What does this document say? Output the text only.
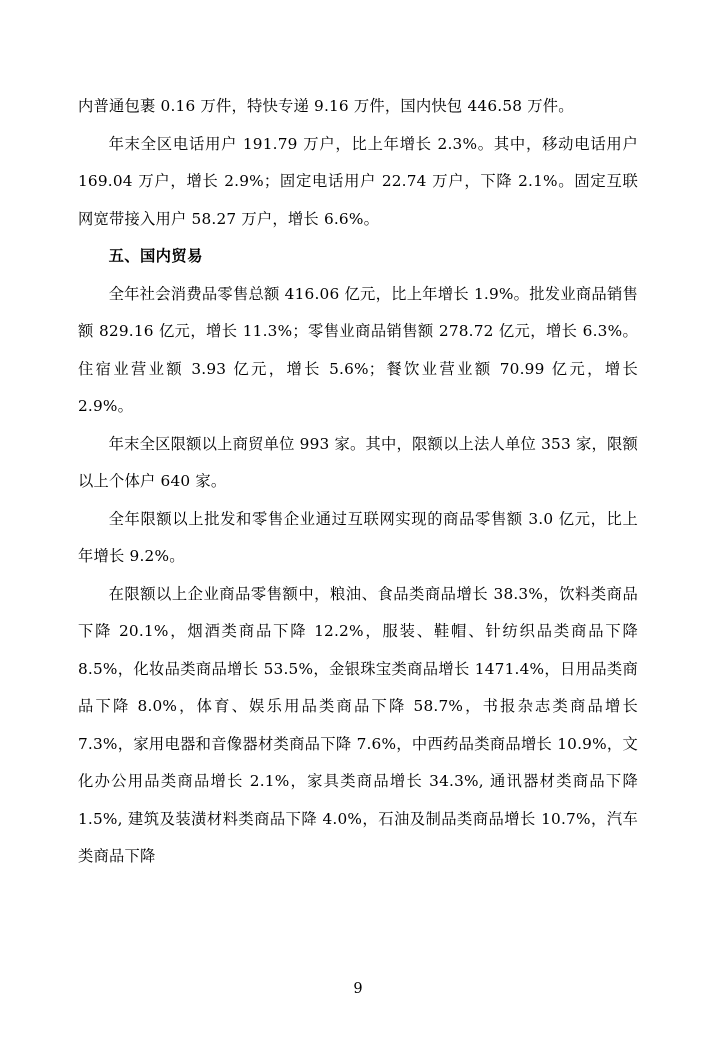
内普通包裹 0.16 万件，特快专递 9.16 万件，国内快包 446.58 万件。

年末全区电话用户 191.79 万户，比上年增长 2.3%。其中，移动电话用户 169.04 万户，增长 2.9%；固定电话用户 22.74 万户，下降 2.1%。固定互联网宽带接入用户 58.27 万户，增长 6.6%。

五、国内贸易

全年社会消费品零售总额 416.06 亿元，比上年增长 1.9%。批发业商品销售额 829.16 亿元，增长 11.3%；零售业商品销售额 278.72 亿元，增长 6.3%。住宿业营业额 3.93 亿元，增长 5.6%；餐饮业营业额 70.99 亿元，增长 2.9%。

年末全区限额以上商贸单位 993 家。其中，限额以上法人单位 353 家，限额以上个体户 640 家。

全年限额以上批发和零售企业通过互联网实现的商品零售额 3.0 亿元，比上年增长 9.2%。

在限额以上企业商品零售额中，粮油、食品类商品增长 38.3%，饮料类商品下降 20.1%，烟酒类商品下降 12.2%，服装、鞋帽、针纺织品类商品下降 8.5%，化妆品类商品增长 53.5%，金银珠宝类商品增长 1471.4%，日用品类商品下降 8.0%，体育、娱乐用品类商品下降 58.7%，书报杂志类商品增长 7.3%，家用电器和音像器材类商品下降 7.6%，中西药品类商品增长 10.9%，文化办公用品类商品增长 2.1%，家具类商品增长 34.3%, 通讯器材类商品下降 1.5%, 建筑及装潢材料类商品下降 4.0%，石油及制品类商品增长 10.7%，汽车类商品下降

9
